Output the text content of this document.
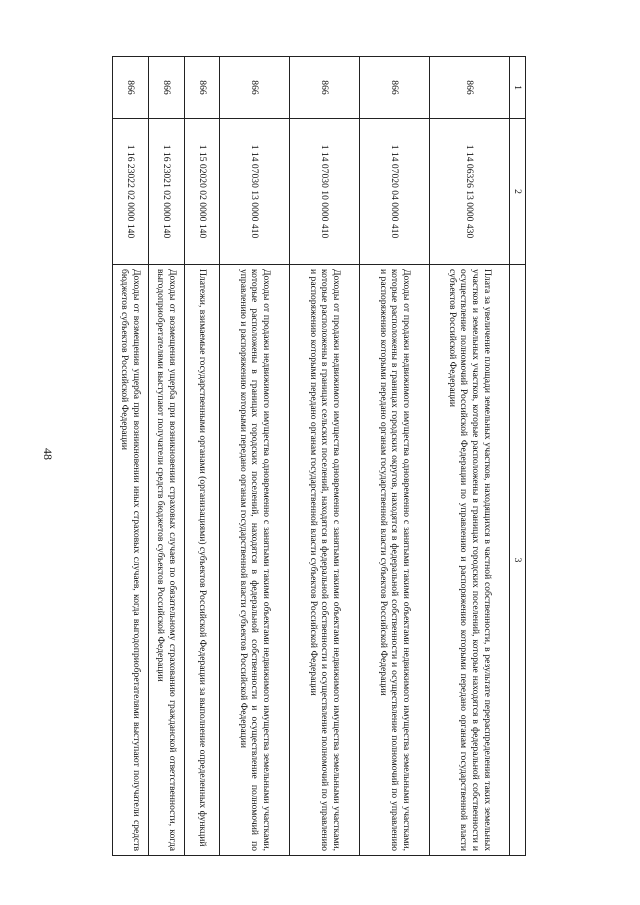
48
1	2	3
866	1 14 06326 13 0000 430	Плата за увеличение площади земельных участков, находящихся в частной собственности, в результате перераспределения таких земельных участков и земельных участков, которые расположены в границах городских поселений, которые находятся в федеральной собственности и осуществление полномочий Российской Федерации по управлению и распоряжению которыми передано органам государственной власти субъектов Российской Федерации
866	1 14 07020 04 0000 410	Доходы от продажи недвижимого имущества одновременно с занятыми такими объектами недвижимого имущества земельными участками, которые расположены в границах городских округов, находятся в федеральной собственности и осуществление полномочий по управлению и распоряжению которыми передано органам государственной власти субъектов Российской Федерации
866	1 14 07030 10 0000 410	Доходы от продажи недвижимого имущества одновременно с занятыми такими объектами недвижимого имущества земельными участками, которые расположены в границах сельских поселений, находятся в федеральной собственности и осуществление полномочий по управлению и распоряжению которыми передано органам государственной власти субъектов Российской Федерации
866	1 14 07030 13 0000 410	Доходы от продажи недвижимого имущества одновременно с занятыми такими объектами недвижимого имущества земельными участками, которые расположены в границах городских поселений, находятся в федеральной собственности и осуществление полномочий по управлению и распоряжению которыми передано органам государственной власти субъектов Российской Федерации
866	1 15 02020 02 0000 140	Платежи, взимаемые государственными органами (организациями) субъектов Российской Федерации за выполнение определенных функций
866	1 16 23021 02 0000 140	Доходы от возмещения ущерба при возникновении страховых случаев по обязательному страхованию гражданской ответственности, когда выгодоприобретателями выступают получатели средств бюджетов субъектов Российской Федерации
866	1 16 23022 02 0000 140	Доходы от возмещения ущерба при возникновении иных страховых случаев, когда выгодоприобретателями выступают получатели средств бюджетов субъектов Российской Федерации
